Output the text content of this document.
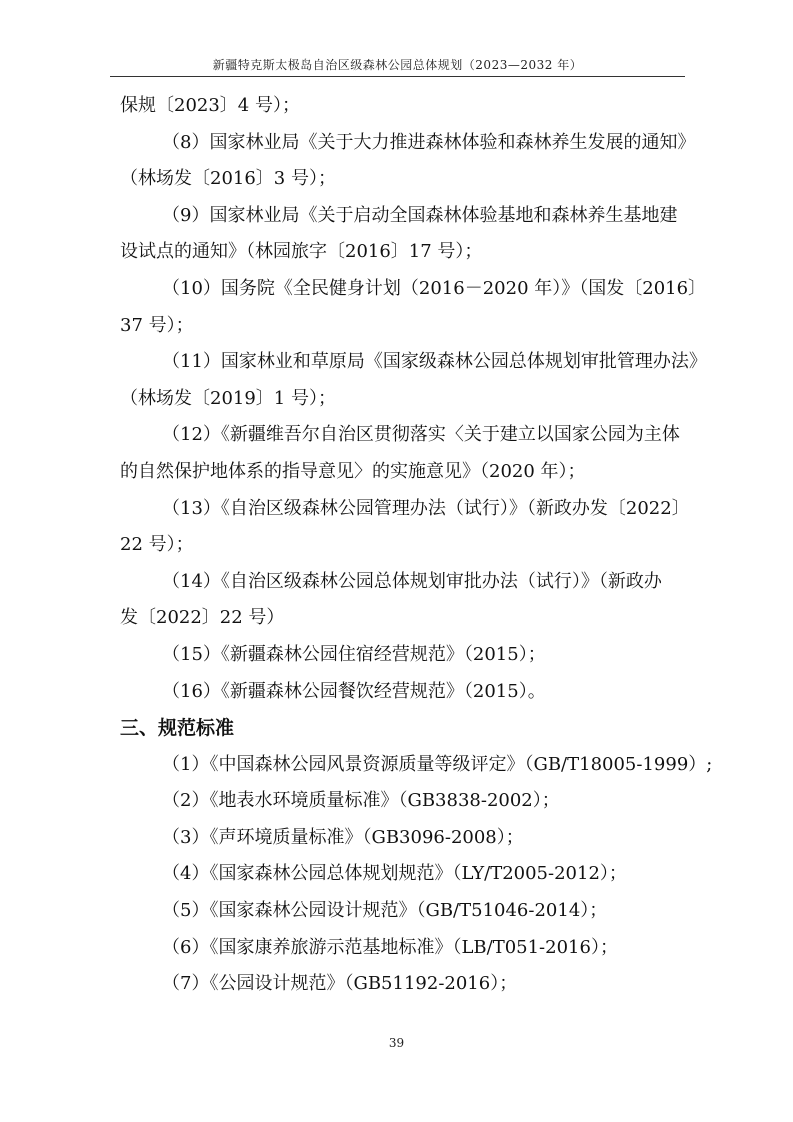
新疆特克斯太极岛自治区级森林公园总体规划（2023—2032 年）

保规〔2023〕4 号）；

（8）国家林业局《关于大力推进森林体验和森林养生发展的通知》

（林场发〔2016〕3 号）；

（9）国家林业局《关于启动全国森林体验基地和森林养生基地建

设试点的通知》（林园旅字〔2016〕17 号）；

（10）国务院《全民健身计划（2016－2020 年）》（国发〔2016〕

37 号）；

（11）国家林业和草原局《国家级森林公园总体规划审批管理办法》

（林场发〔2019〕1 号）；

（12）《新疆维吾尔自治区贯彻落实〈关于建立以国家公园为主体

的自然保护地体系的指导意见〉的实施意见》（2020 年）；

（13）《自治区级森林公园管理办法（试行）》（新政办发〔2022〕

22 号）；

（14）《自治区级森林公园总体规划审批办法（试行）》（新政办

发〔2022〕22 号）

（15）《新疆森林公园住宿经营规范》（2015）；

（16）《新疆森林公园餐饮经营规范》（2015）。

三、规范标准

（1）《中国森林公园风景资源质量等级评定》（GB/T18005-1999）;

（2）《地表水环境质量标准》（GB3838-2002）；

（3）《声环境质量标准》（GB3096-2008）；

（4）《国家森林公园总体规划规范》（LY/T2005-2012）；

（5）《国家森林公园设计规范》（GB/T51046-2014）；

（6）《国家康养旅游示范基地标准》（LB/T051-2016）；

（7）《公园设计规范》（GB51192-2016）；

39
